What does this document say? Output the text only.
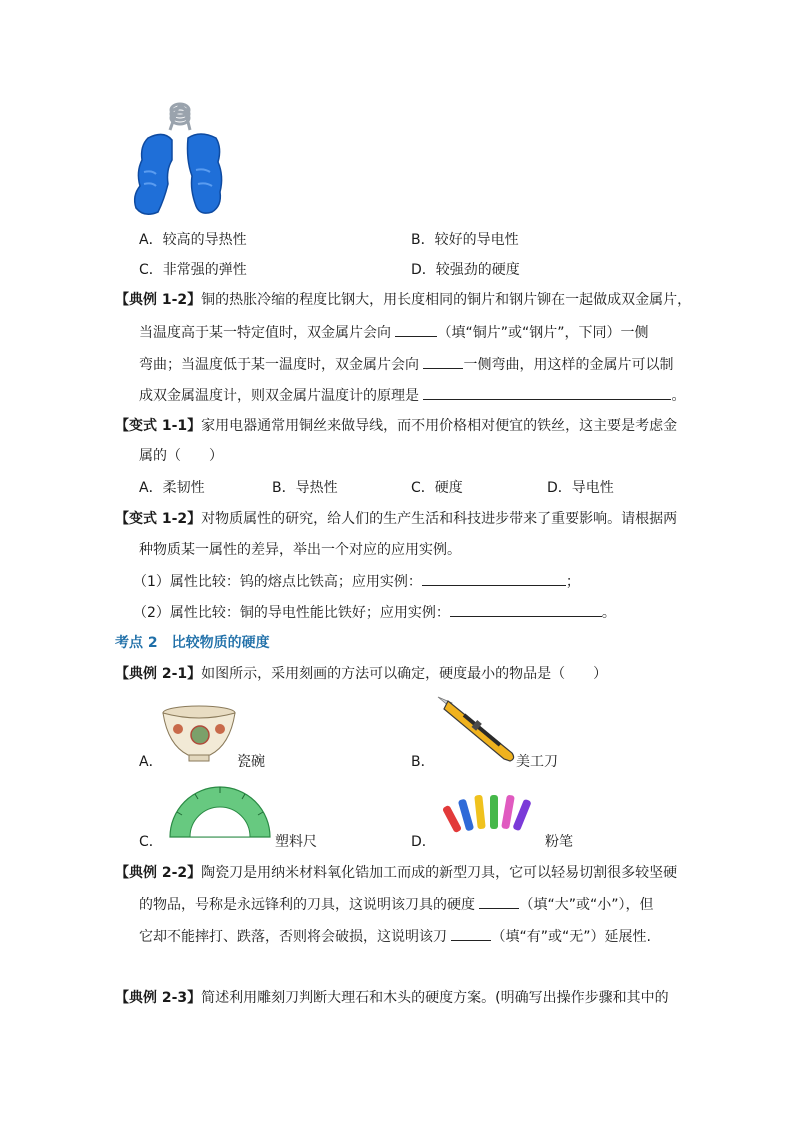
A．较高的导热性	B．较好的导电性
C．非常强的弹性	D．较强劲的硬度
【典例 1-2】铜的热胀冷缩的程度比钢大，用长度相同的铜片和钢片铆在一起做成双金属片，
当温度高于某一特定值时，双金属片会向	（填“铜片”或“钢片”，下同）一侧
弯曲；当温度低于某一温度时，双金属片会向	一侧弯曲，用这样的金属片可以制
成双金属温度计，则双金属片温度计的原理是	。
【变式 1-1】家用电器通常用铜丝来做导线，而不用价格相对便宜的铁丝，这主要是考虑金
属的（　　）
A．柔韧性	B．导热性	C．硬度	D．导电性
【变式 1-2】对物质属性的研究，给人们的生产生活和科技进步带来了重要影响。请根据两
种物质某一属性的差异，举出一个对应的应用实例。
（1）属性比较：钨的熔点比铁高；应用实例：	；
（2）属性比较：铜的导电性能比铁好；应用实例：	。
考点 2　比较物质的硬度
【典例 2-1】如图所示，采用刻画的方法可以确定，硬度最小的物品是（　　）
A．	瓷碗	B．	美工刀
C．	塑料尺	D．	粉笔
【典例 2-2】陶瓷刀是用纳米材料氧化锆加工而成的新型刀具，它可以轻易切割很多较坚硬
的物品，号称是永远锋利的刀具，这说明该刀具的硬度	（填“大”或“小”），但
它却不能摔打、跌落，否则将会破损，这说明该刀	（填“有”或“无”）延展性.
【典例 2-3】简述利用雕刻刀判断大理石和木头的硬度方案。(明确写出操作步骤和其中的
